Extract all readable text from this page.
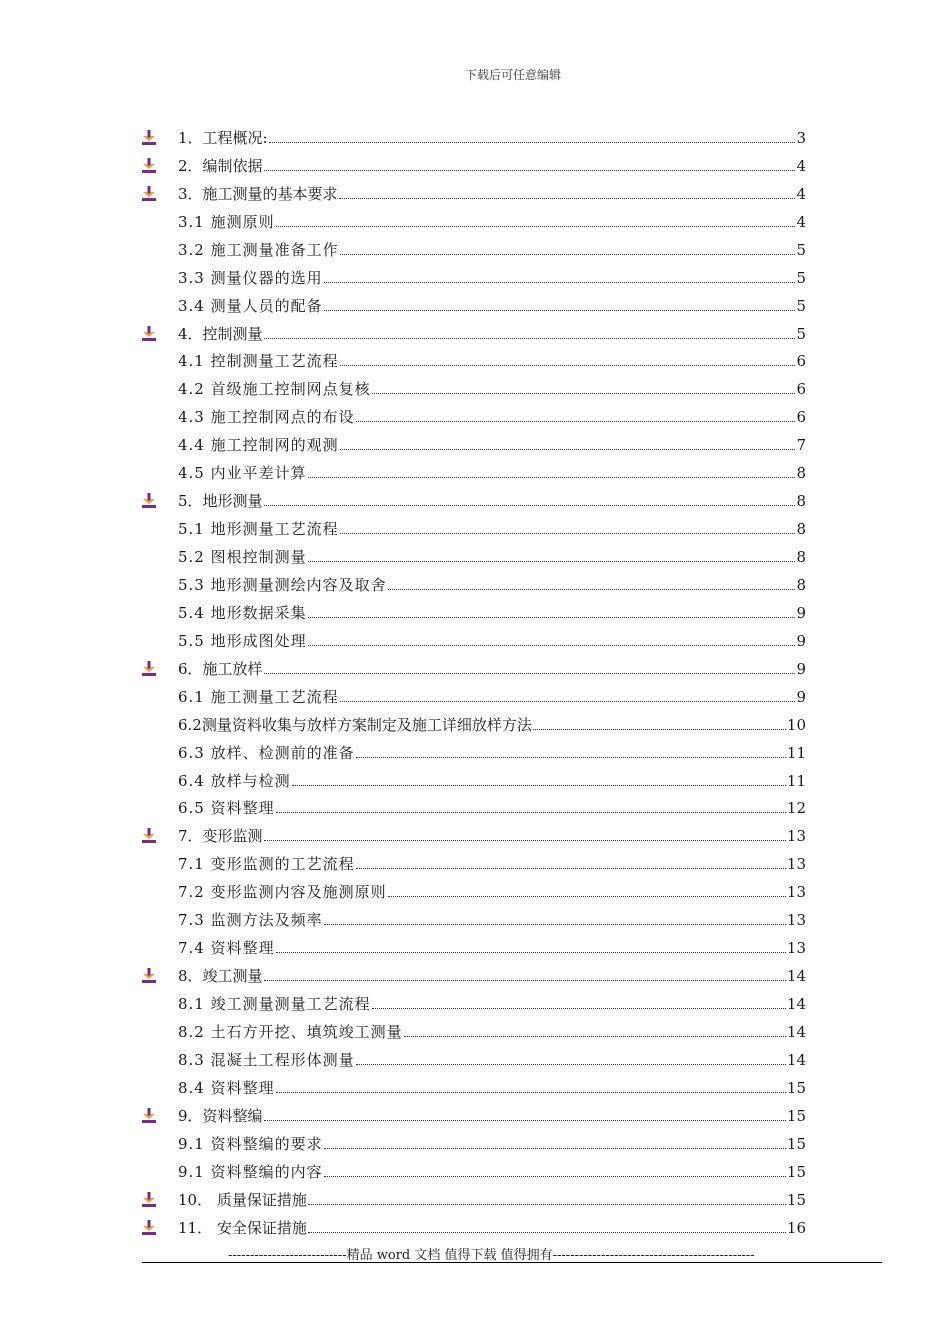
下载后可任意编辑
1．工程概况:	3
2．编制依据	4
3．施工测量的基本要求	4
3.1 施测原则	4
3.2 施工测量准备工作	5
3.3 测量仪器的选用	5
3.4 测量人员的配备	5
4．控制测量	5
4.1 控制测量工艺流程	6
4.2 首级施工控制网点复核	6
4.3 施工控制网点的布设	6
4.4 施工控制网的观测	7
4.5 内业平差计算	8
5．地形测量	8
5.1 地形测量工艺流程	8
5.2 图根控制测量	8
5.3 地形测量测绘内容及取舍	8
5.4 地形数据采集	9
5.5 地形成图处理	9
6．施工放样	9
6.1 施工测量工艺流程	9
6.2测量资料收集与放样方案制定及施工详细放样方法	10
6.3 放样、检测前的准备	11
6.4 放样与检测	11
6.5 资料整理	12
7．变形监测	13
7.1 变形监测的工艺流程	13
7.2 变形监测内容及施测原则	13
7.3 监测方法及频率	13
7.4 资料整理	13
8．竣工测量	14
8.1 竣工测量测量工艺流程	14
8.2 土石方开挖、填筑竣工测量	14
8.3 混凝土工程形体测量	14
8.4 资料整理	15
9．资料整编	15
9.1 资料整编的要求	15
9.1 资料整编的内容	15
10． 质量保证措施	15
11． 安全保证措施	16
---------------------------精品 word 文档 值得下载 值得拥有----------------------------------------------
